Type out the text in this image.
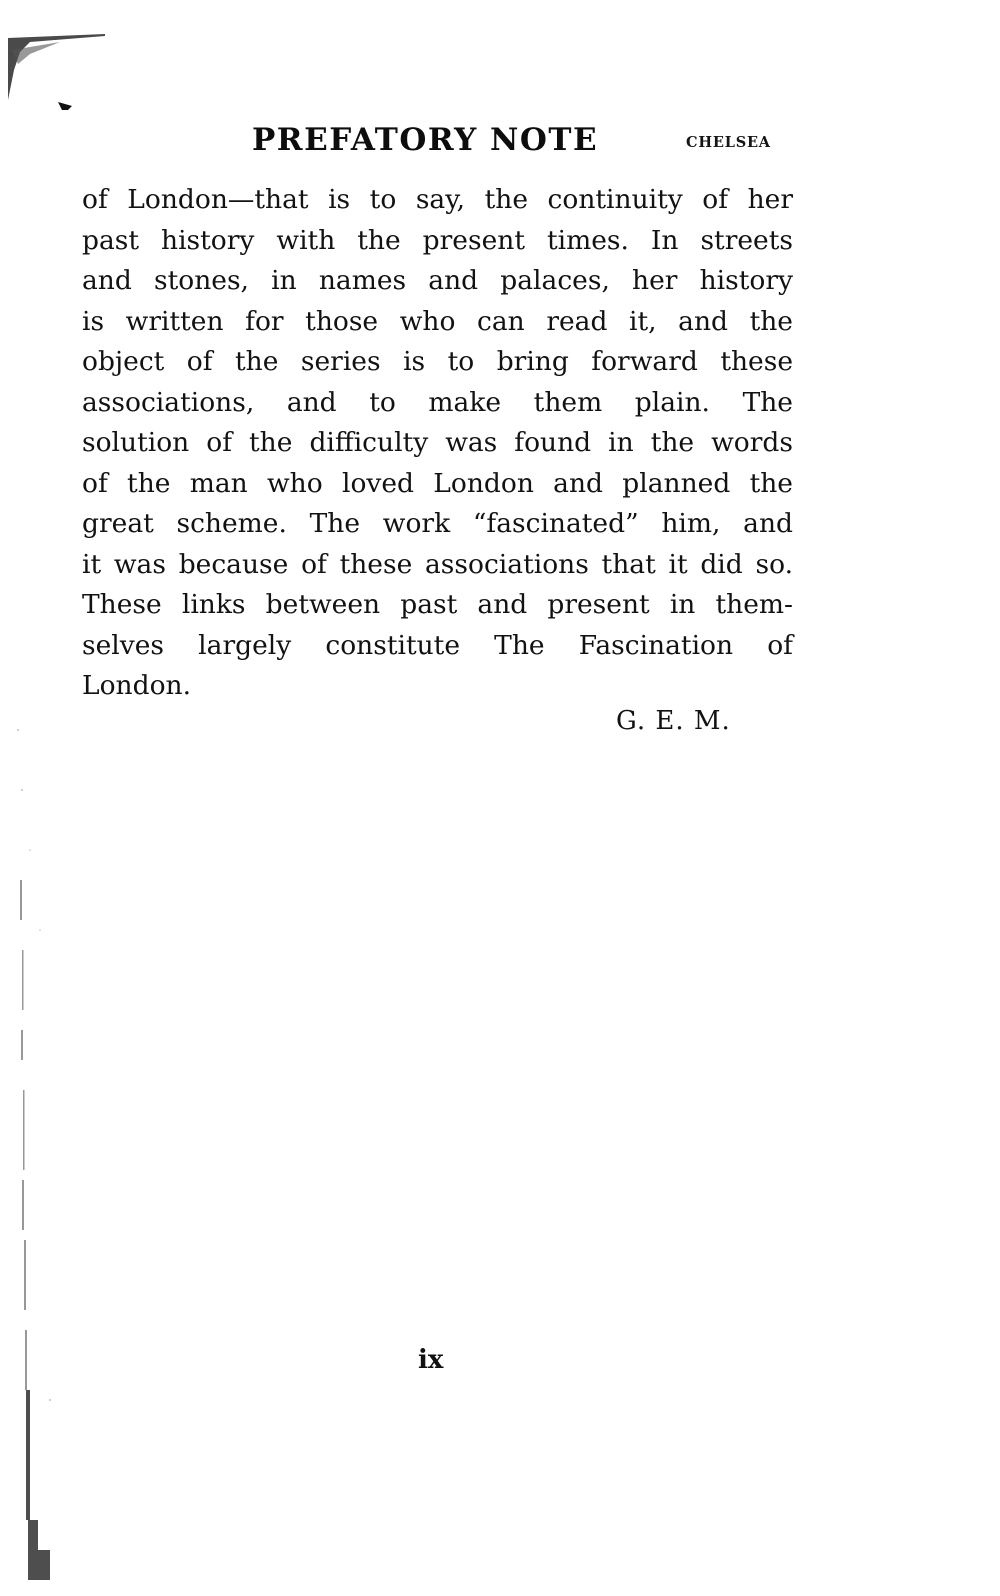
PREFATORY NOTE	CHELSEA
of London—that is to say, the continuity of her
past history with the present times. In streets
and stones, in names and palaces, her history
is written for those who can read it, and the
object of the series is to bring forward these
associations, and to make them plain. The
solution of the difficulty was found in the words
of the man who loved London and planned the
great scheme. The work “fascinated” him, and
it was because of these associations that it did so.
These links between past and present in them-
selves largely constitute The Fascination of
London.
G. E. M.
ix
